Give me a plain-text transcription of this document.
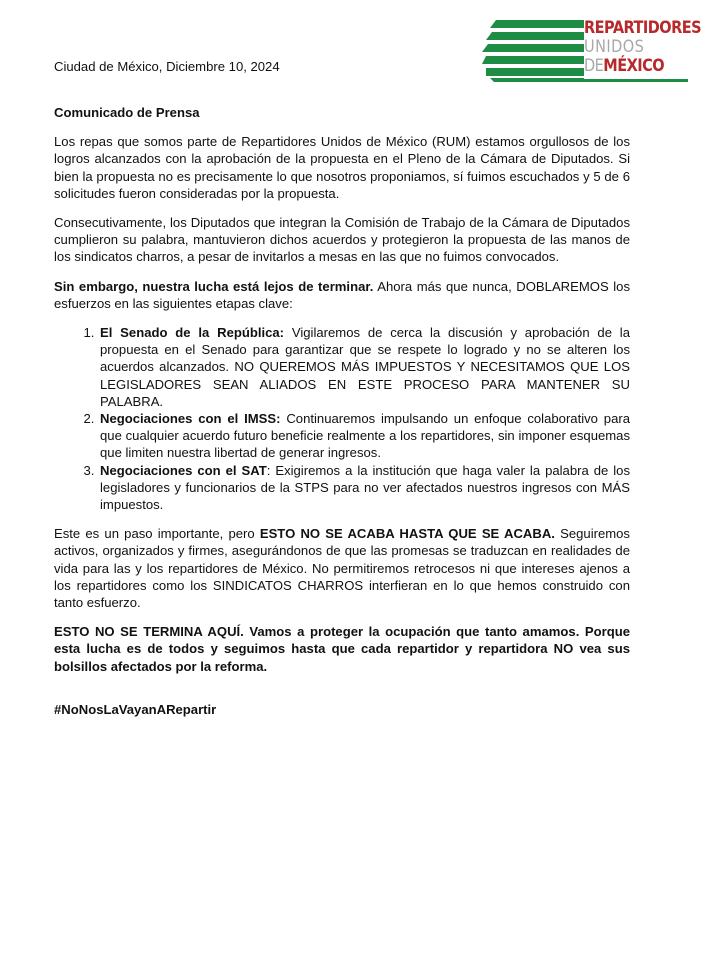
REPARTIDORES
UNIDOS
DEMÉXICO
Ciudad de México, Diciembre 10, 2024

Comunicado de Prensa

Los repas que somos parte de Repartidores Unidos de México (RUM) estamos orgullosos de los logros alcanzados con la aprobación de la propuesta en el Pleno de la Cámara de Diputados. Si bien la propuesta no es precisamente lo que nosotros proponiamos, sí fuimos escuchados y 5 de 6 solicitudes fueron consideradas por la propuesta.

Consecutivamente, los Diputados que integran la Comisión de Trabajo de la Cámara de Diputados cumplieron su palabra, mantuvieron dichos acuerdos y protegieron la propuesta de las manos de los sindicatos charros, a pesar de invitarlos a mesas en las que no fuimos convocados.

Sin embargo, nuestra lucha está lejos de terminar. Ahora más que nunca, DOBLAREMOS los esfuerzos en las siguientes etapas clave:

1. El Senado de la República: Vigilaremos de cerca la discusión y aprobación de la propuesta en el Senado para garantizar que se respete lo logrado y no se alteren los acuerdos alcanzados. NO QUEREMOS MÁS IMPUESTOS Y NECESITAMOS QUE LOS LEGISLADORES SEAN ALIADOS EN ESTE PROCESO PARA MANTENER SU PALABRA.
2. Negociaciones con el IMSS: Continuaremos impulsando un enfoque colaborativo para que cualquier acuerdo futuro beneficie realmente a los repartidores, sin imponer esquemas que limiten nuestra libertad de generar ingresos.
3. Negociaciones con el SAT: Exigiremos a la institución que haga valer la palabra de los legisladores y funcionarios de la STPS para no ver afectados nuestros ingresos con MÁS impuestos.

Este es un paso importante, pero ESTO NO SE ACABA HASTA QUE SE ACABA. Seguiremos activos, organizados y firmes, asegurándonos de que las promesas se traduzcan en realidades de vida para las y los repartidores de México. No permitiremos retrocesos ni que intereses ajenos a los repartidores como los SINDICATOS CHARROS interfieran en lo que hemos construido con tanto esfuerzo.

ESTO NO SE TERMINA AQUÍ. Vamos a proteger la ocupación que tanto amamos. Porque esta lucha es de todos y seguimos hasta que cada repartidor y repartidora NO vea sus bolsillos afectados por la reforma.

#NoNosLaVayanARepartir
